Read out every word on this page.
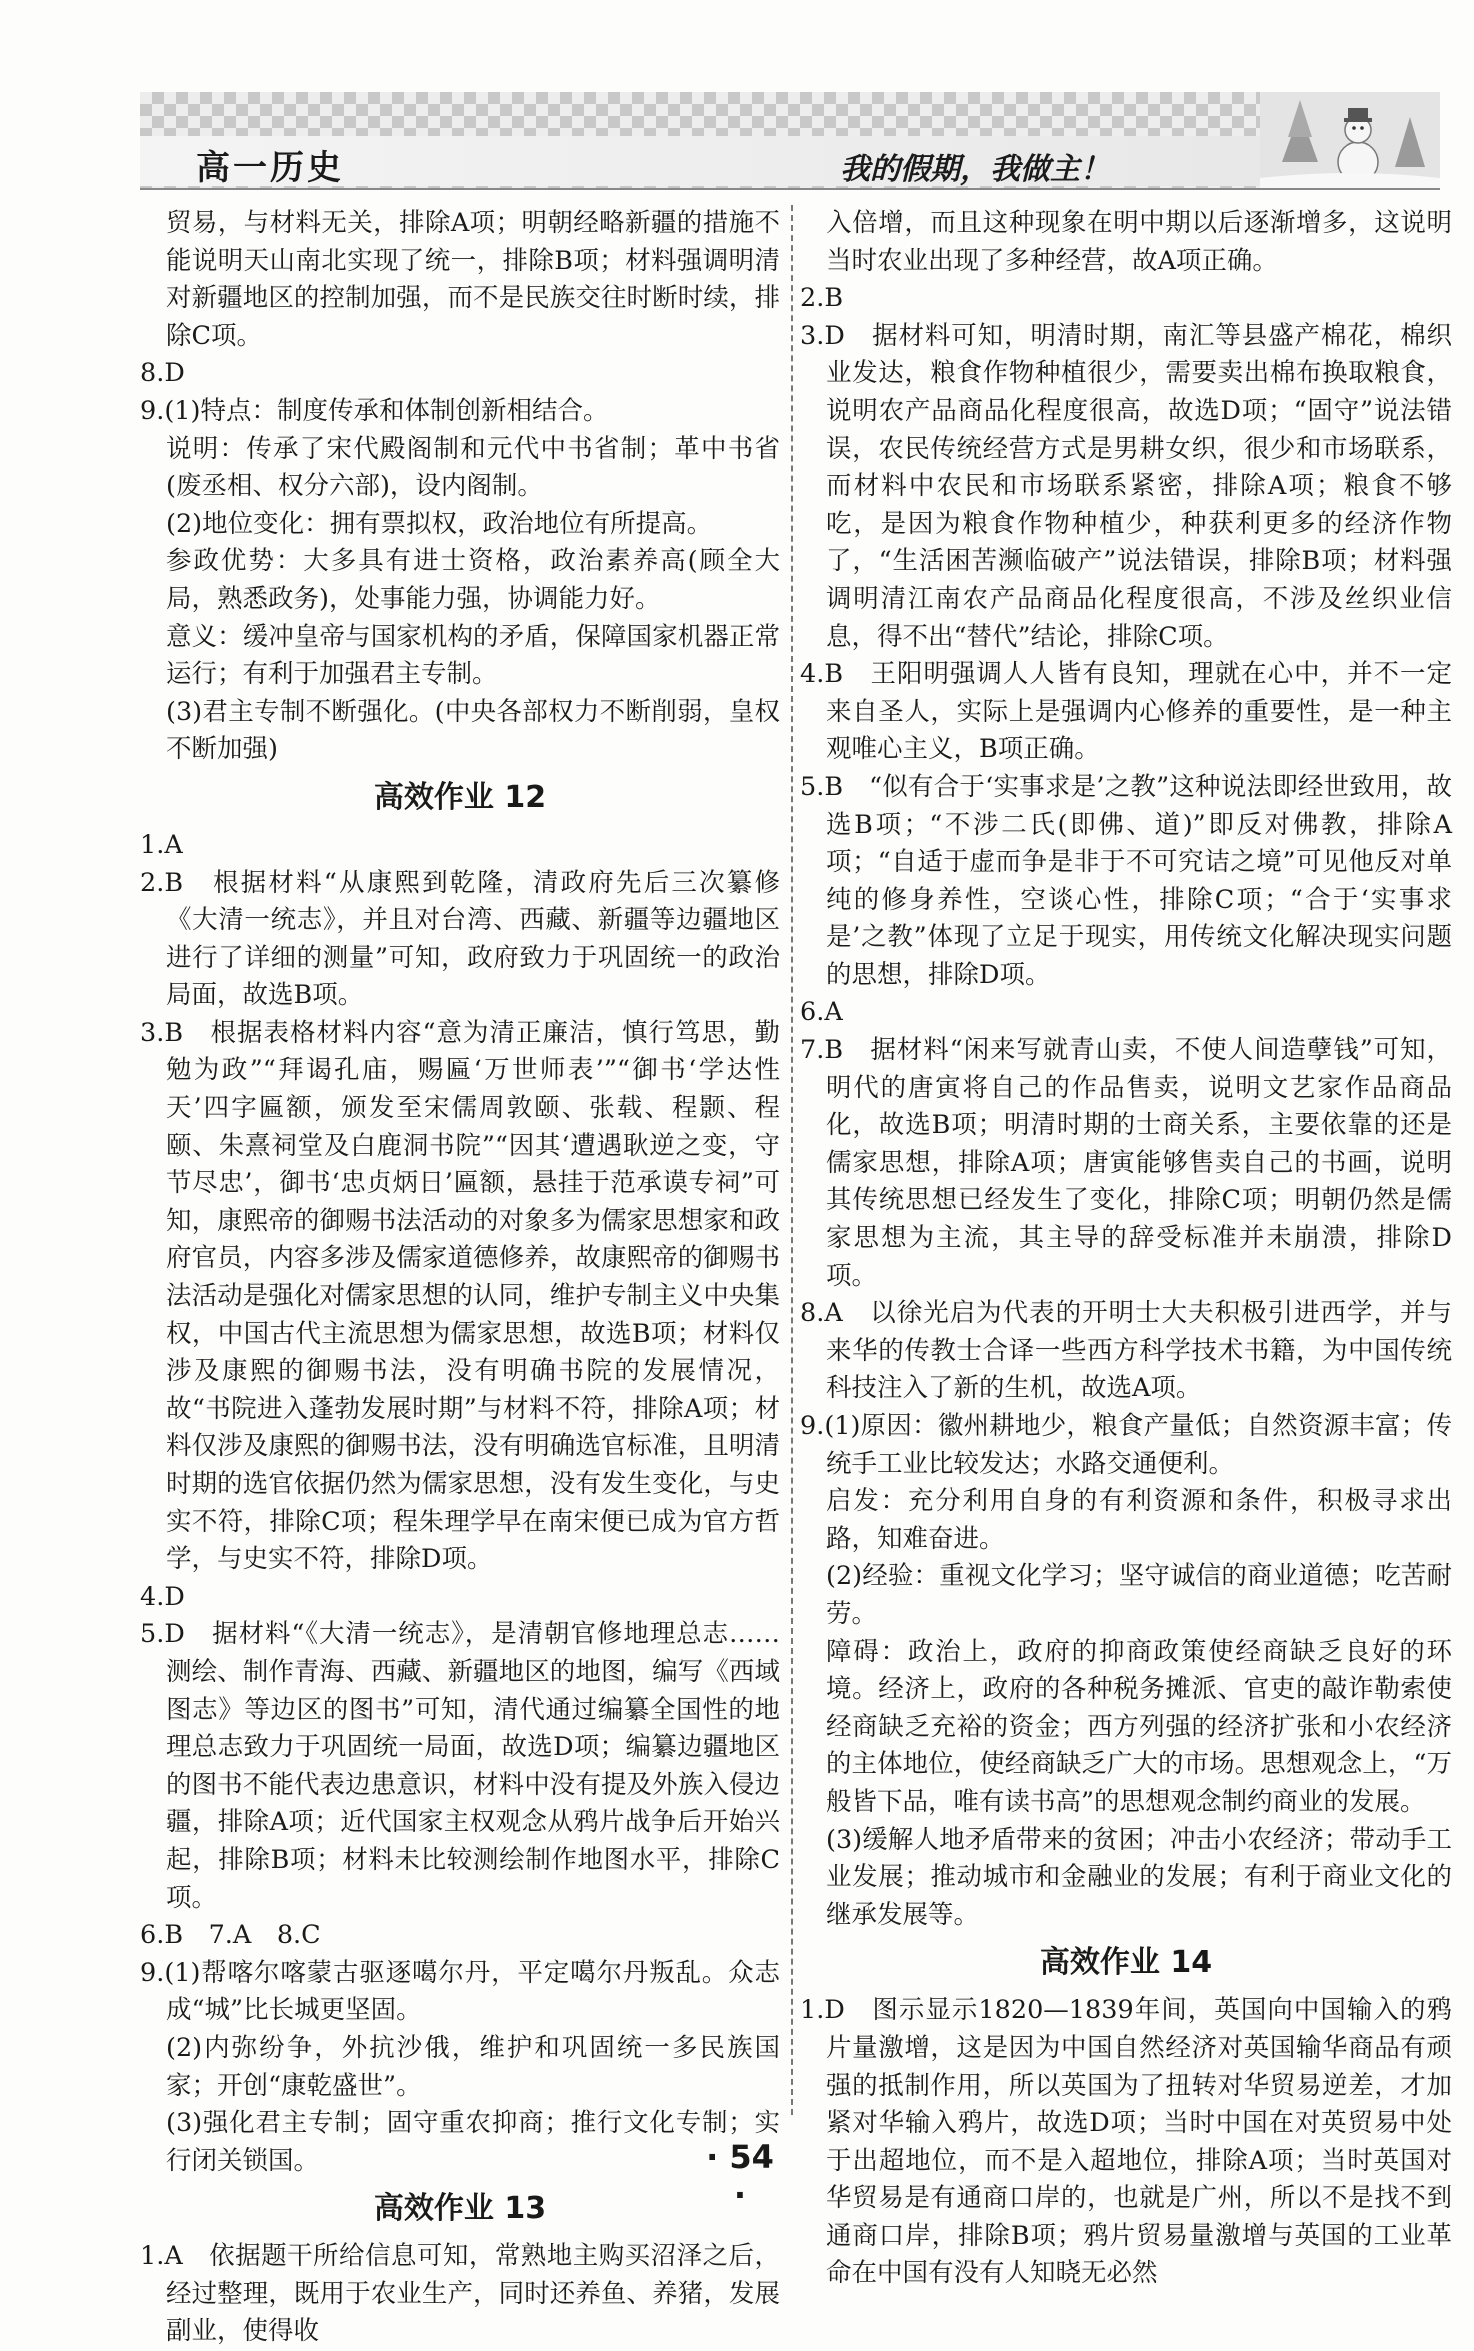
高一历史	我的假期，我做主！

贸易，与材料无关，排除A项；明朝经略新疆的措施不能说明天山南北实现了统一，排除B项；材料强调明清对新疆地区的控制加强，而不是民族交往时断时续，排除C项。

8.D

9.(1)特点：制度传承和体制创新相结合。

说明：传承了宋代殿阁制和元代中书省制；革中书省(废丞相、权分六部)，设内阁制。

(2)地位变化：拥有票拟权，政治地位有所提高。

参政优势：大多具有进士资格，政治素养高(顾全大局，熟悉政务)，处事能力强，协调能力好。

意义：缓冲皇帝与国家机构的矛盾，保障国家机器正常运行；有利于加强君主专制。

(3)君主专制不断强化。(中央各部权力不断削弱，皇权不断加强)

高效作业 12

1.A

2.B　根据材料“从康熙到乾隆，清政府先后三次纂修《大清一统志》，并且对台湾、西藏、新疆等边疆地区进行了详细的测量”可知，政府致力于巩固统一的政治局面，故选B项。

3.B　根据表格材料内容“意为清正廉洁，慎行笃思，勤勉为政”“拜谒孔庙，赐匾‘万世师表’”“御书‘学达性天’四字匾额，颁发至宋儒周敦颐、张载、程颢、程颐、朱熹祠堂及白鹿洞书院”“因其‘遭遇耿逆之变，守节尽忠’，御书‘忠贞炳日’匾额，悬挂于范承谟专祠”可知，康熙帝的御赐书法活动的对象多为儒家思想家和政府官员，内容多涉及儒家道德修养，故康熙帝的御赐书法活动是强化对儒家思想的认同，维护专制主义中央集权，中国古代主流思想为儒家思想，故选B项；材料仅涉及康熙的御赐书法，没有明确书院的发展情况，故“书院进入蓬勃发展时期”与材料不符，排除A项；材料仅涉及康熙的御赐书法，没有明确选官标准，且明清时期的选官依据仍然为儒家思想，没有发生变化，与史实不符，排除C项；程朱理学早在南宋便已成为官方哲学，与史实不符，排除D项。

4.D

5.D　据材料“《大清一统志》，是清朝官修地理总志……测绘、制作青海、西藏、新疆地区的地图，编写《西域图志》等边区的图书”可知，清代通过编纂全国性的地理总志致力于巩固统一局面，故选D项；编纂边疆地区的图书不能代表边患意识，材料中没有提及外族入侵边疆，排除A项；近代国家主权观念从鸦片战争后开始兴起，排除B项；材料未比较测绘制作地图水平，排除C项。

6.B　7.A　8.C

9.(1)帮喀尔喀蒙古驱逐噶尔丹，平定噶尔丹叛乱。众志成“城”比长城更坚固。

(2)内弥纷争，外抗沙俄，维护和巩固统一多民族国家；开创“康乾盛世”。

(3)强化君主专制；固守重农抑商；推行文化专制；实行闭关锁国。

高效作业 13

1.A　依据题干所给信息可知，常熟地主购买沼泽之后，经过整理，既用于农业生产，同时还养鱼、养猪，发展副业，使得收

入倍增，而且这种现象在明中期以后逐渐增多，这说明当时农业出现了多种经营，故A项正确。

2.B

3.D　据材料可知，明清时期，南汇等县盛产棉花，棉织业发达，粮食作物种植很少，需要卖出棉布换取粮食，说明农产品商品化程度很高，故选D项；“固守”说法错误，农民传统经营方式是男耕女织，很少和市场联系，而材料中农民和市场联系紧密，排除A项；粮食不够吃，是因为粮食作物种植少，种获利更多的经济作物了，“生活困苦濒临破产”说法错误，排除B项；材料强调明清江南农产品商品化程度很高，不涉及丝织业信息，得不出“替代”结论，排除C项。

4.B　王阳明强调人人皆有良知，理就在心中，并不一定来自圣人，实际上是强调内心修养的重要性，是一种主观唯心主义，B项正确。

5.B　“似有合于‘实事求是’之教”这种说法即经世致用，故选B项；“不涉二氏(即佛、道)”即反对佛教，排除A项；“自适于虚而争是非于不可究诘之境”可见他反对单纯的修身养性，空谈心性，排除C项；“合于‘实事求是’之教”体现了立足于现实，用传统文化解决现实问题的思想，排除D项。

6.A

7.B　据材料“闲来写就青山卖，不使人间造孽钱”可知，明代的唐寅将自己的作品售卖，说明文艺家作品商品化，故选B项；明清时期的士商关系，主要依靠的还是儒家思想，排除A项；唐寅能够售卖自己的书画，说明其传统思想已经发生了变化，排除C项；明朝仍然是儒家思想为主流，其主导的辞受标准并未崩溃，排除D项。

8.A　以徐光启为代表的开明士大夫积极引进西学，并与来华的传教士合译一些西方科学技术书籍，为中国传统科技注入了新的生机，故选A项。

9.(1)原因：徽州耕地少，粮食产量低；自然资源丰富；传统手工业比较发达；水路交通便利。

启发：充分利用自身的有利资源和条件，积极寻求出路，知难奋进。

(2)经验：重视文化学习；坚守诚信的商业道德；吃苦耐劳。

障碍：政治上，政府的抑商政策使经商缺乏良好的环境。经济上，政府的各种税务摊派、官吏的敲诈勒索使经商缺乏充裕的资金；西方列强的经济扩张和小农经济的主体地位，使经商缺乏广大的市场。思想观念上，“万般皆下品，唯有读书高”的思想观念制约商业的发展。

(3)缓解人地矛盾带来的贫困；冲击小农经济；带动手工业发展；推动城市和金融业的发展；有利于商业文化的继承发展等。

高效作业 14

1.D　图示显示1820—1839年间，英国向中国输入的鸦片量激增，这是因为中国自然经济对英国输华商品有顽强的抵制作用，所以英国为了扭转对华贸易逆差，才加紧对华输入鸦片，故选D项；当时中国在对英贸易中处于出超地位，而不是入超地位，排除A项；当时英国对华贸易是有通商口岸的，也就是广州，所以不是找不到通商口岸，排除B项；鸦片贸易量激增与英国的工业革命在中国有没有人知晓无必然

· 54 ·
